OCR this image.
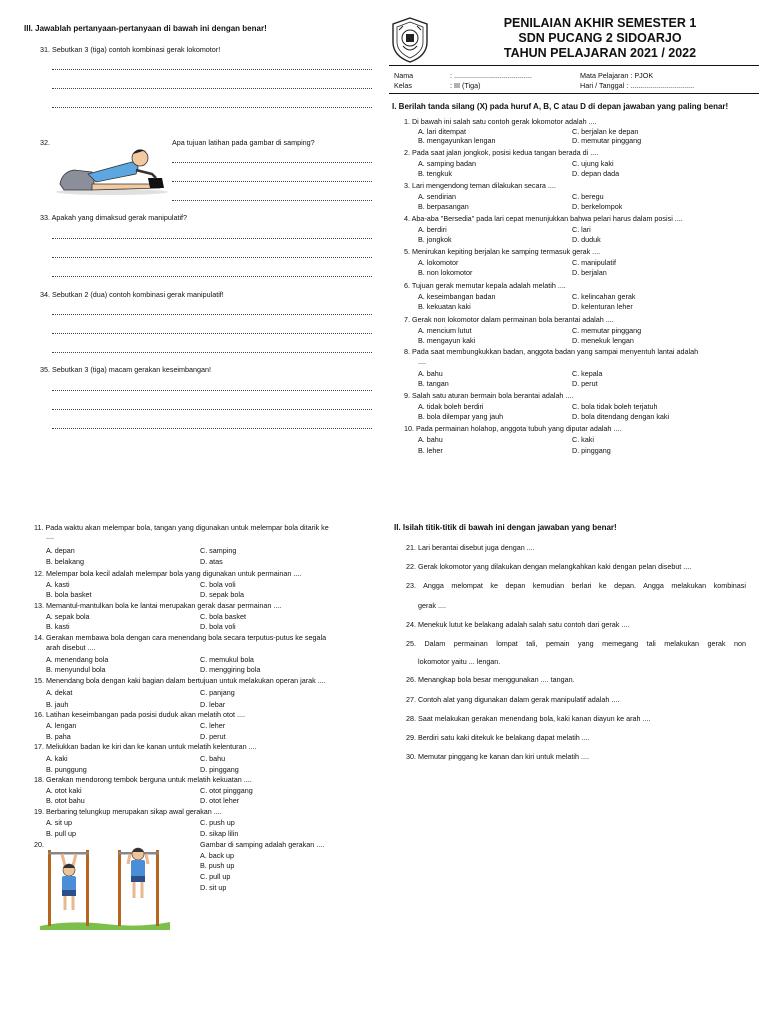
III. Jawablah pertanyaan-pertanyaan di bawah ini dengan benar!
31. Sebutkan 3 (tiga) contoh kombinasi gerak lokomotor!
32.	Apa tujuan latihan pada gambar di samping?
33. Apakah yang dimaksud gerak manipulatif?
34. Sebutkan 2 (dua) contoh kombinasi gerak manipulatif!
35. Sebutkan 3 (tiga) macam gerakan keseimbangan!
PENILAIAN AKHIR SEMESTER 1
SDN PUCANG 2 SIDOARJO
TAHUN PELAJARAN 2021 / 2022
Nama	: .......................................
Kelas	: III (Tiga)
Mata Pelajaran : PJOK
Hari / Tanggal : ................................
I. Berilah tanda silang (X) pada huruf A, B, C atau D di depan jawaban yang paling benar!
1. Di bawah ini salah satu contoh gerak lokomotor adalah ....
A. lari ditempat
B. mengayunkan lengan
C. berjalan ke depan
D. memutar pinggang
2. Pada saat jalan jongkok, posisi kedua tangan berada di ....
A. samping badan
B. tengkuk
C. ujung kaki
D. depan dada
3. Lari mengendong teman dilakukan secara ....
A. sendirian
B. berpasangan
C. beregu
D. berkelompok
4. Aba-aba "Bersedia" pada lari cepat menunjukkan bahwa pelari harus dalam posisi ....
A. berdiri
B. jongkok
C. lari
D. duduk
5. Menirukan kepiting berjalan ke samping termasuk gerak ....
A. lokomotor
B. non lokomotor
C. manipulatif
D. berjalan
6. Tujuan gerak memutar kepala adalah melatih ....
A. keseimbangan badan
B. kekuatan kaki
C. kelincahan gerak
D. kelenturan leher
7. Gerak non lokomotor dalam permainan bola berantai adalah ....
A. mencium lutut
B. mengayun kaki
C. memutar pinggang
D. menekuk lengan
8. Pada saat membungkukkan badan, anggota badan yang sampai menyentuh lantai adalah
....
A. bahu
B. tangan
C. kepala
D. perut
9. Salah satu aturan bermain bola berantai adalah ....
A. tidak boleh berdiri
B. bola dilempar yang jauh
C. bola tidak boleh terjatuh
D. bola ditendang dengan kaki
10. Pada permainan holahop, anggota tubuh yang diputar adalah ....
A. bahu
B. leher
C. kaki
D. pinggang
11. Pada waktu akan melempar bola, tangan yang digunakan untuk melempar bola ditarik ke
....
A. depan
B. belakang
C. samping
D. atas
12. Melempar bola kecil adalah melempar bola yang digunakan untuk permainan ....
A. kasti
B. bola basket
C. bola voli
D. sepak bola
13. Memantul-mantulkan bola ke lantai merupakan gerak dasar permainan ....
A. sepak bola
B. kasti
C. bola basket
D. bola voli
14. Gerakan membawa bola dengan cara menendang bola secara terputus-putus ke segala
arah disebut ....
A. menendang bola
B. menyundul bola
C. memukul bola
D. menggiring bola
15. Menendang bola dengan kaki bagian dalam bertujuan untuk melakukan operan jarak ....
A. dekat
B. jauh
C. panjang
D. lebar
16. Latihan keseimbangan pada posisi duduk akan melatih otot ....
A. lengan
B. paha
C. leher
D. perut
17. Meliukkan badan ke kiri dan ke kanan untuk melatih kelenturan ....
A. kaki
B. punggung
C. bahu
D. pinggang
18. Gerakan mendorong tembok berguna untuk melatih kekuatan ....
A. otot kaki
B. otot bahu
C. otot pinggang
D. otot leher
19. Berbaring telungkup merupakan sikap awal gerakan ....
A. sit up
B. pull up
C. push up
D. sikap lilin
20.	Gambar di samping adalah gerakan ....
A. back up
B. push up
C. pull up
D. sit up
II. Isilah titik-titik di bawah ini dengan jawaban yang benar!
21. Lari berantai disebut juga dengan ....
22. Gerak lokomotor yang dilakukan dengan melangkahkan kaki dengan pelan disebut ....
23. Angga melompat ke depan kemudian berlari ke depan. Angga melakukan kombinasi
gerak ....
24. Menekuk lutut ke belakang adalah salah satu contoh dari gerak ....
25. Dalam permainan lompat tali, pemain yang memegang tali melakukan gerak non
lokomotor yaitu ... lengan.
26. Menangkap bola besar menggunakan .... tangan.
27. Contoh alat yang digunakan dalam gerak manipulatif adalah ....
28. Saat melakukan gerakan menendang bola, kaki kanan diayun ke arah ....
29. Berdiri satu kaki ditekuk ke belakang dapat melatih ....
30. Memutar pinggang ke kanan dan kiri untuk melatih ....
